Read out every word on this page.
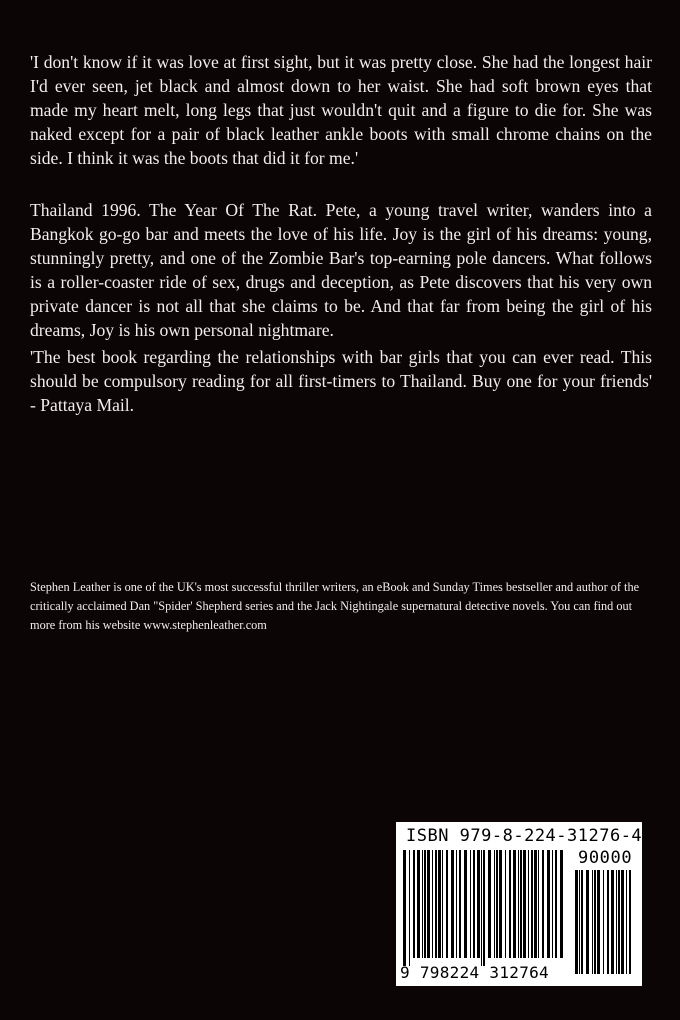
'I don't know if it was love at first sight, but it was pretty close. She had the longest hair I'd ever seen, jet black and almost down to her waist. She had soft brown eyes that made my heart melt, long legs that just wouldn't quit and a figure to die for. She was naked except for a pair of black leather ankle boots with small chrome chains on the side. I think it was the boots that did it for me.'

Thailand 1996. The Year Of The Rat. Pete, a young travel writer, wanders into a Bangkok go-go bar and meets the love of his life. Joy is the girl of his dreams: young, stunningly pretty, and one of the Zombie Bar's top-earning pole dancers. What follows is a roller-coaster ride of sex, drugs and deception, as Pete discovers that his very own private dancer is not all that she claims to be. And that far from being the girl of his dreams, Joy is his own personal nightmare.

'The best book regarding the relationships with bar girls that you can ever read. This should be compulsory reading for all first-timers to Thailand. Buy one for your friends' - Pattaya Mail.

Stephen Leather is one of the UK's most successful thriller writers, an eBook and Sunday Times bestseller and author of the critically acclaimed Dan "Spider' Shepherd series and the Jack Nightingale supernatural detective novels. You can find out more from his website www.stephenleather.com

ISBN 979-8-224-31276-4
9 798224 312764
90000
